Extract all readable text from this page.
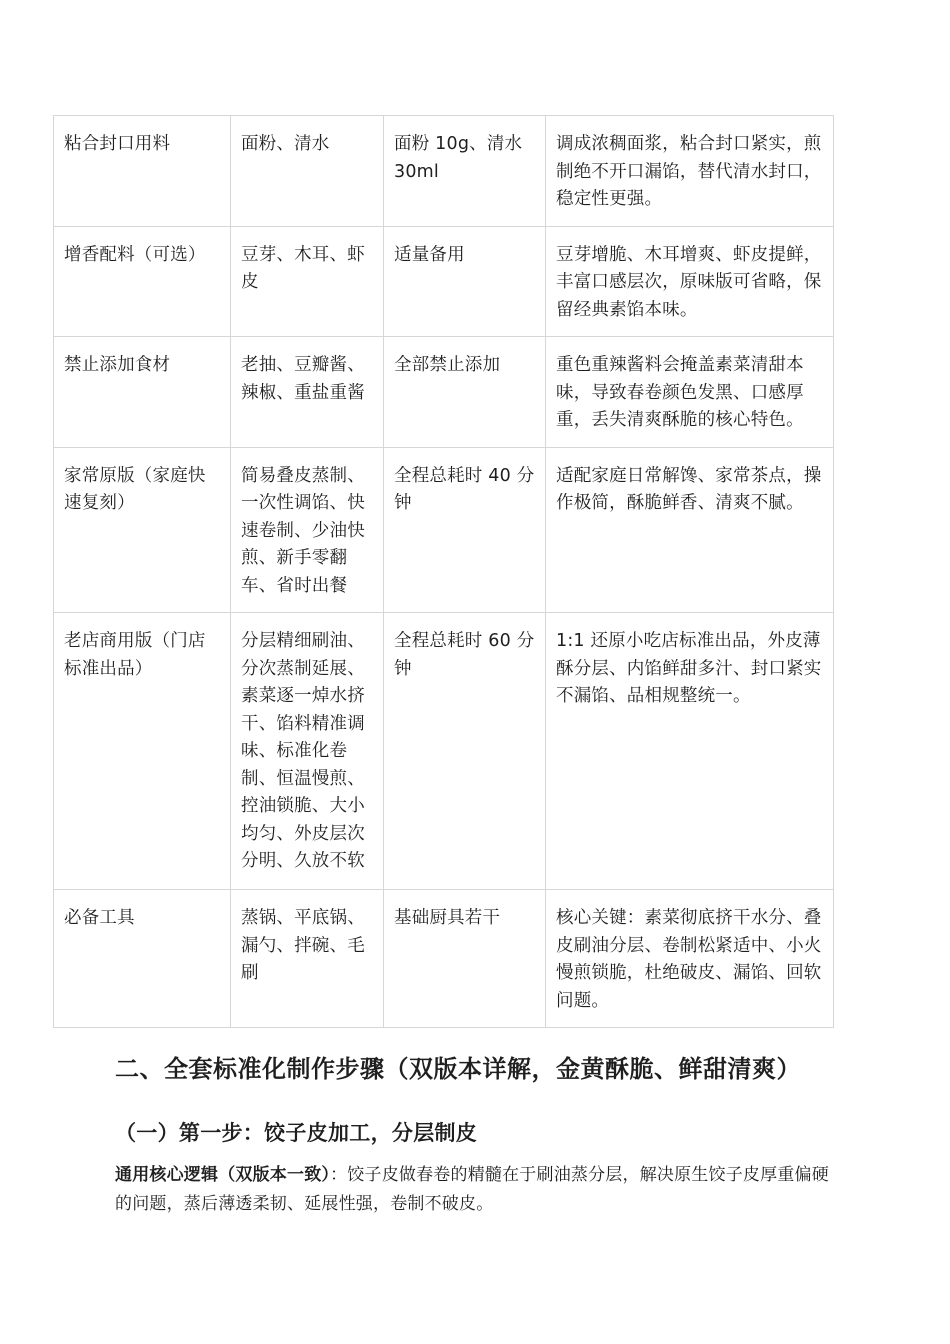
粘合封口用料	面粉、清水	面粉 10g、清水 30ml	调成浓稠面浆，粘合封口紧实，煎制绝不开口漏馅，替代清水封口，稳定性更强。
增香配料（可选）	豆芽、木耳、虾皮	适量备用	豆芽增脆、木耳增爽、虾皮提鲜，丰富口感层次，原味版可省略，保留经典素馅本味。
禁止添加食材	老抽、豆瓣酱、辣椒、重盐重酱	全部禁止添加	重色重辣酱料会掩盖素菜清甜本味，导致春卷颜色发黑、口感厚重，丢失清爽酥脆的核心特色。
家常原版（家庭快速复刻）	简易叠皮蒸制、一次性调馅、快速卷制、少油快煎、新手零翻车、省时出餐	全程总耗时 40 分钟	适配家庭日常解馋、家常茶点，操作极简，酥脆鲜香、清爽不腻。
老店商用版（门店标准出品）	分层精细刷油、分次蒸制延展、素菜逐一焯水挤干、馅料精准调味、标准化卷制、恒温慢煎、控油锁脆、大小均匀、外皮层次分明、久放不软	全程总耗时 60 分钟	1:1 还原小吃店标准出品，外皮薄酥分层、内馅鲜甜多汁、封口紧实不漏馅、品相规整统一。
必备工具	蒸锅、平底锅、漏勺、拌碗、毛刷	基础厨具若干	核心关键：素菜彻底挤干水分、叠皮刷油分层、卷制松紧适中、小火慢煎锁脆，杜绝破皮、漏馅、回软问题。
二、全套标准化制作步骤（双版本详解，金黄酥脆、鲜甜清爽）
（一）第一步：饺子皮加工，分层制皮

通用核心逻辑（双版本一致）：饺子皮做春卷的精髓在于刷油蒸分层，解决原生饺子皮厚重偏硬的问题，蒸后薄透柔韧、延展性强，卷制不破皮。
